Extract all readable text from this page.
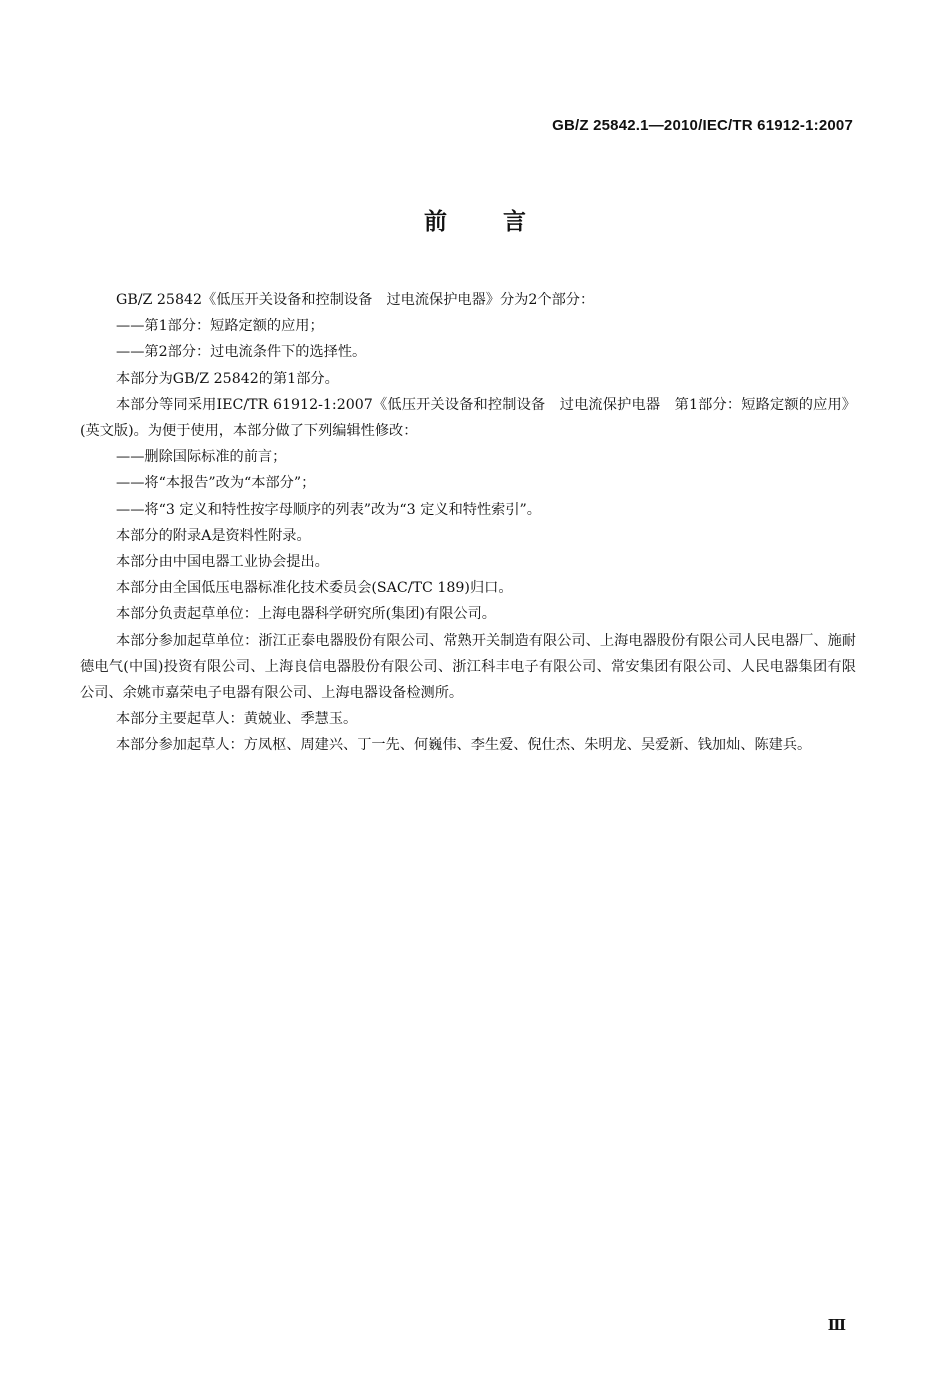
GB/Z 25842.1—2010/IEC/TR 61912-1:2007
前言

GB/Z 25842《低压开关设备和控制设备　过电流保护电器》分为2个部分：

——第1部分：短路定额的应用；

——第2部分：过电流条件下的选择性。

本部分为GB/Z 25842的第1部分。

本部分等同采用IEC/TR 61912-1:2007《低压开关设备和控制设备　过电流保护电器　第1部分：短路定额的应用》(英文版)。为便于使用，本部分做了下列编辑性修改：

——删除国际标准的前言；

——将“本报告”改为“本部分”；

——将“3 定义和特性按字母顺序的列表”改为“3 定义和特性索引”。

本部分的附录A是资料性附录。

本部分由中国电器工业协会提出。

本部分由全国低压电器标准化技术委员会(SAC/TC 189)归口。

本部分负责起草单位：上海电器科学研究所(集团)有限公司。

本部分参加起草单位：浙江正泰电器股份有限公司、常熟开关制造有限公司、上海电器股份有限公司人民电器厂、施耐德电气(中国)投资有限公司、上海良信电器股份有限公司、浙江科丰电子有限公司、常安集团有限公司、人民电器集团有限公司、余姚市嘉荣电子电器有限公司、上海电器设备检测所。

本部分主要起草人：黄兢业、季慧玉。

本部分参加起草人：方凤枢、周建兴、丁一先、何巍伟、李生爱、倪仕杰、朱明龙、吴爱新、钱加灿、陈建兵。

Ⅲ
